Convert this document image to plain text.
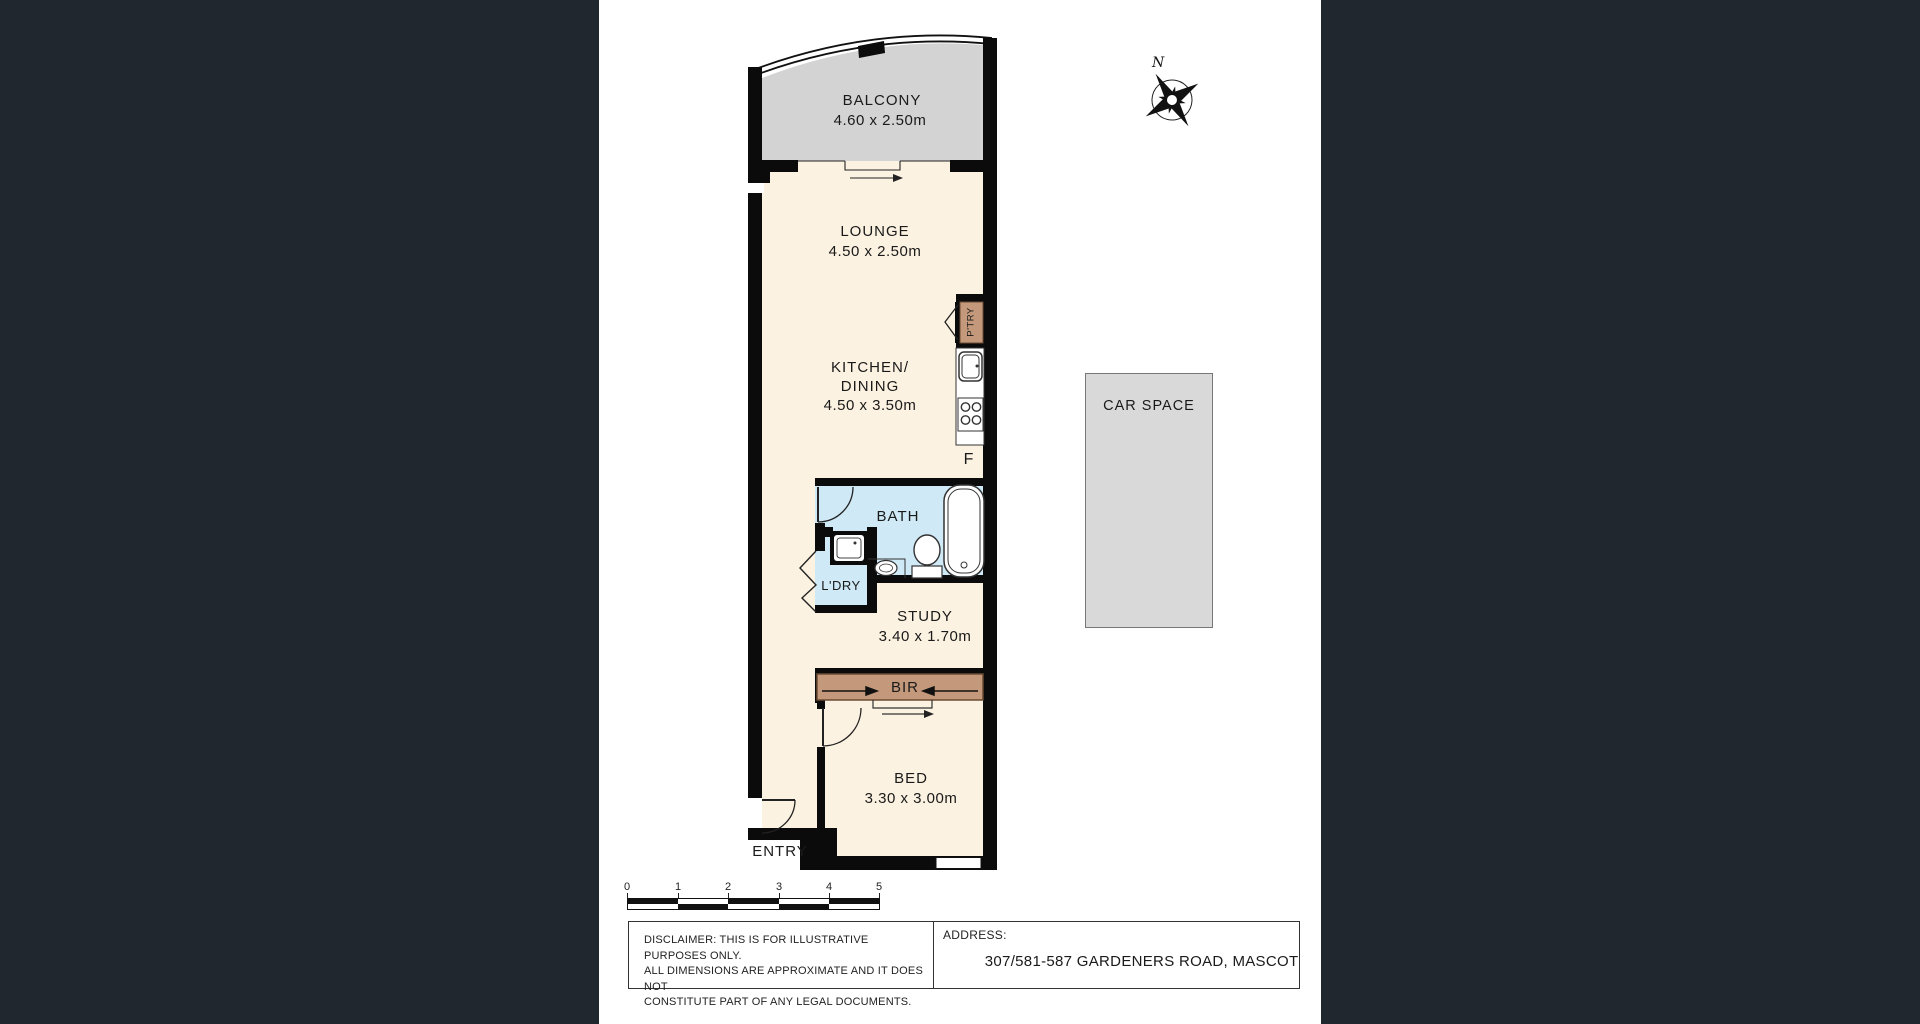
BALCONY
4.60 x 2.50m
LOUNGE
4.50 x 2.50m
KITCHEN/
DINING
4.50 x 3.50m
F
P'TRY
BATH
L'DRY
STUDY
3.40 x 1.70m
BIR
BED
3.30 x 3.00m
ENTRY
CAR SPACE
N
0	1	2	3	4	5
DISCLAIMER: THIS IS FOR ILLUSTRATIVE PURPOSES ONLY.
ALL DIMENSIONS ARE APPROXIMATE AND IT DOES NOT
CONSTITUTE PART OF ANY LEGAL DOCUMENTS.
ADDRESS:
307/581-587 GARDENERS ROAD, MASCOT
